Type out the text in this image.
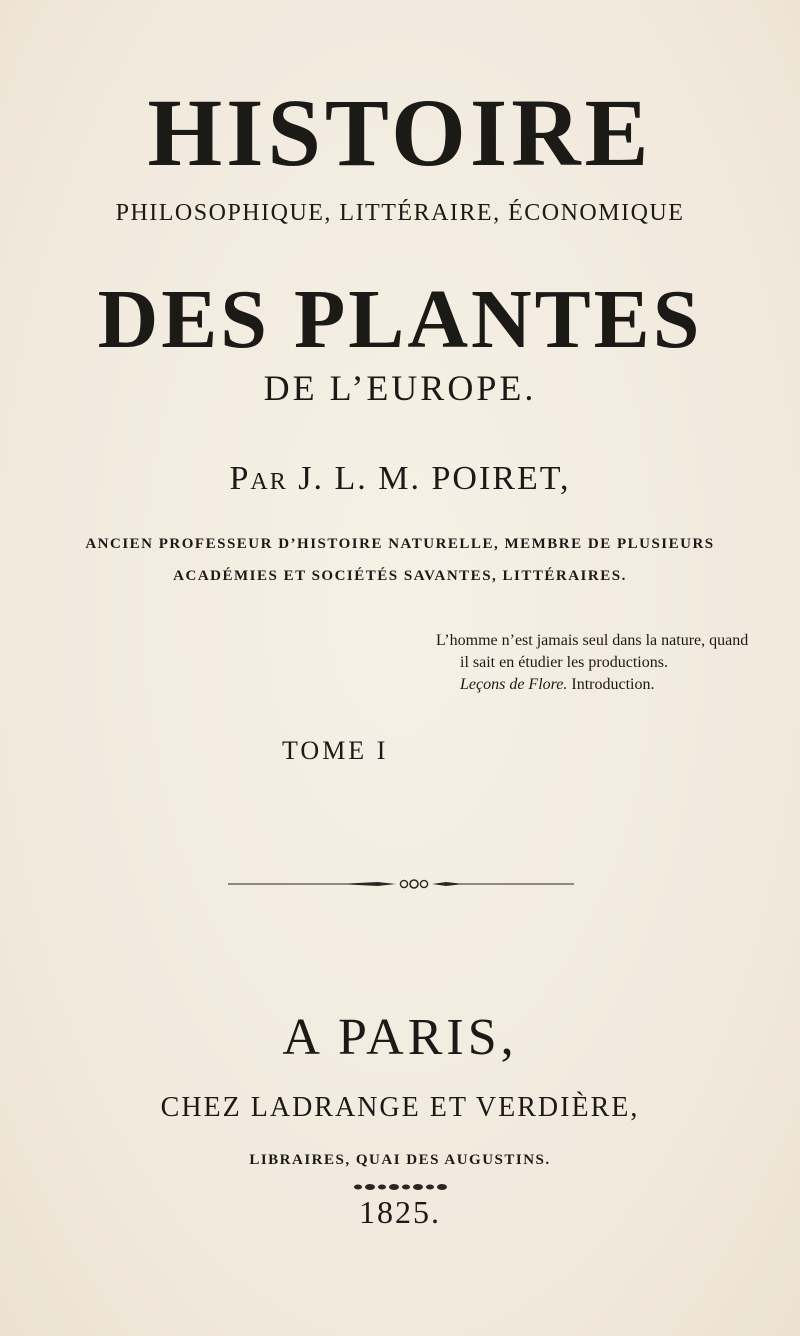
HISTOIRE
PHILOSOPHIQUE, LITTÉRAIRE, ÉCONOMIQUE
DES PLANTES
DE L’EUROPE.
Par J. L. M. POIRET,
ANCIEN PROFESSEUR D’HISTOIRE NATURELLE, MEMBRE DE PLUSIEURS
ACADÉMIES ET SOCIÉTÉS SAVANTES, LITTÉRAIRES.
L’homme n’est jamais seul dans la nature, quand
il sait en étudier les productions.
Leçons de Flore. Introduction.
TOME I
A PARIS,
CHEZ LADRANGE ET VERDIÈRE,
LIBRAIRES, QUAI DES AUGUSTINS.
1825.
